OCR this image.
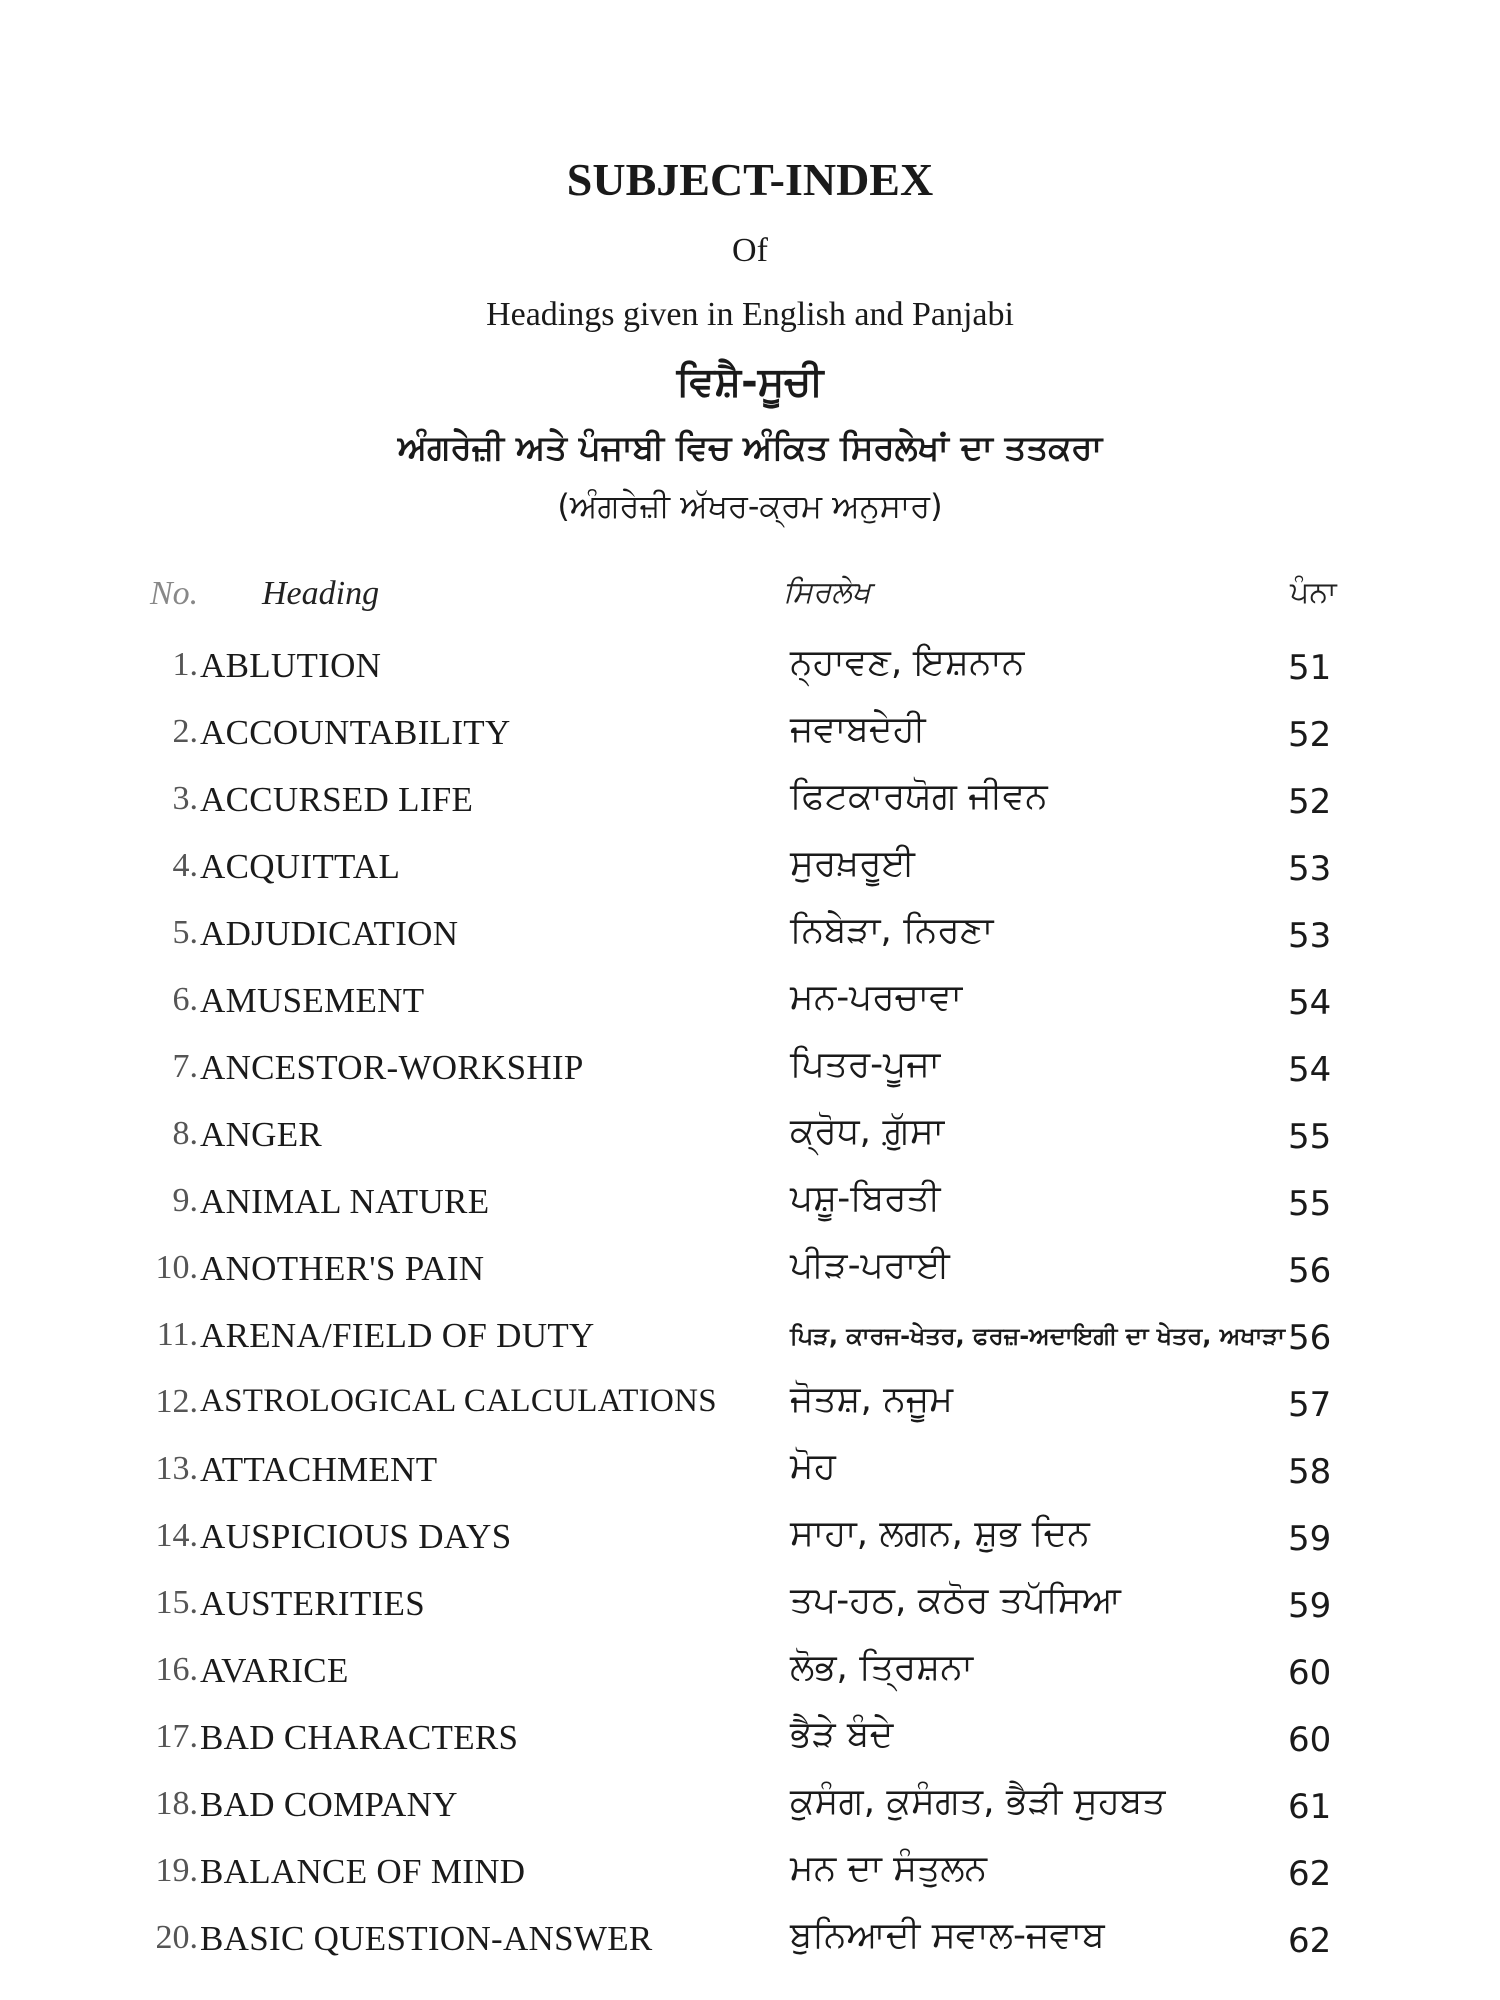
SUBJECT-INDEX
Of
Headings given in English and Panjabi
ਵਿਸ਼ੈ-ਸੂਚੀ
ਅੰਗਰੇਜ਼ੀ ਅਤੇ ਪੰਜਾਬੀ ਵਿਚ ਅੰਕਿਤ ਸਿਰਲੇਖਾਂ ਦਾ ਤਤਕਰਾ
(ਅੰਗਰੇਜ਼ੀ ਅੱਖਰ-ਕ੍ਰਮ ਅਨੁਸਾਰ)
No. Heading	ਸਿਰਲੇਖ	ਪੰਨਾ
1. ABLUTION	ਨ੍ਹਾਵਣ, ਇਸ਼ਨਾਨ	51
2. ACCOUNTABILITY	ਜਵਾਬਦੇਹੀ	52
3. ACCURSED LIFE	ਫਿਟਕਾਰਯੋਗ ਜੀਵਨ	52
4. ACQUITTAL	ਸੁਰਖ਼ਰੂਈ	53
5. ADJUDICATION	ਨਿਬੇੜਾ, ਨਿਰਣਾ	53
6. AMUSEMENT	ਮਨ-ਪਰਚਾਵਾ	54
7. ANCESTOR-WORKSHIP	ਪਿਤਰ-ਪੂਜਾ	54
8. ANGER	ਕ੍ਰੋਧ, ਗ਼ੁੱਸਾ	55
9. ANIMAL NATURE	ਪਸ਼ੂ-ਬਿਰਤੀ	55
10. ANOTHER'S PAIN	ਪੀੜ-ਪਰਾਈ	56
11. ARENA/FIELD OF DUTY	ਪਿੜ, ਕਾਰਜ-ਖੇਤਰ, ਫਰਜ਼-ਅਦਾਇਗੀ ਦਾ ਖੇਤਰ, ਅਖਾੜਾ 56
12. ASTROLOGICAL CALCULATIONS ਜੋਤਸ਼, ਨਜੂਮ	57
13. ATTACHMENT	ਮੋਹ	58
14. AUSPICIOUS DAYS	ਸਾਹਾ, ਲਗਨ, ਸ਼ੁਭ ਦਿਨ	59
15. AUSTERITIES	ਤਪ-ਹਠ, ਕਠੋਰ ਤਪੱਸਿਆ	59
16. AVARICE	ਲੋਭ, ਤ੍ਰਿਸ਼ਨਾ	60
17. BAD CHARACTERS	ਭੈੜੇ ਬੰਦੇ	60
18. BAD COMPANY	ਕੁਸੰਗ, ਕੁਸੰਗਤ, ਭੈੜੀ ਸੁਹਬਤ	61
19. BALANCE OF MIND	ਮਨ ਦਾ ਸੰਤੁਲਨ	62
20. BASIC QUESTION-ANSWER	ਬੁਨਿਆਦੀ ਸਵਾਲ-ਜਵਾਬ	62
